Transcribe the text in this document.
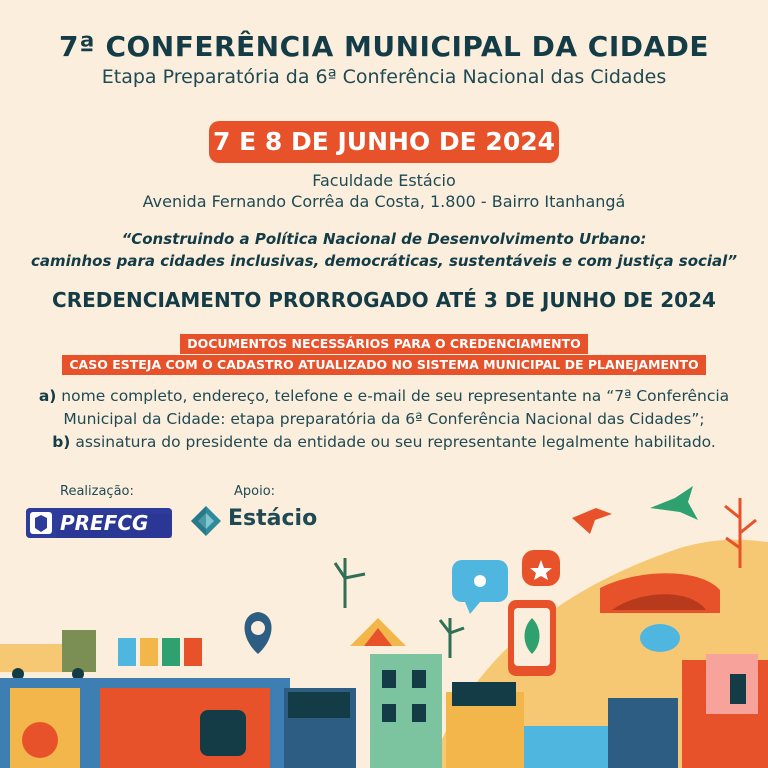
7ª CONFERÊNCIA MUNICIPAL DA CIDADE
Etapa Preparatória da 6ª Conferência Nacional das Cidades
7 E 8 DE JUNHO DE 2024
Faculdade Estácio
Avenida Fernando Corrêa da Costa, 1.800 - Bairro Itanhangá
“Construindo a Política Nacional de Desenvolvimento Urbano:
caminhos para cidades inclusivas, democráticas, sustentáveis e com justiça social”
CREDENCIAMENTO PRORROGADO ATÉ 3 DE JUNHO DE 2024
DOCUMENTOS NECESSÁRIOS PARA O CREDENCIAMENTO
CASO ESTEJA COM O CADASTRO ATUALIZADO NO SISTEMA MUNICIPAL DE PLANEJAMENTO
a) nome completo, endereço, telefone e e-mail de seu representante na “7ª Conferência
Municipal da Cidade: etapa preparatória da 6ª Conferência Nacional das Cidades”;
b) assinatura do presidente da entidade ou seu representante legalmente habilitado.
Realização:
PREFCG
Apoio:
Estácio
